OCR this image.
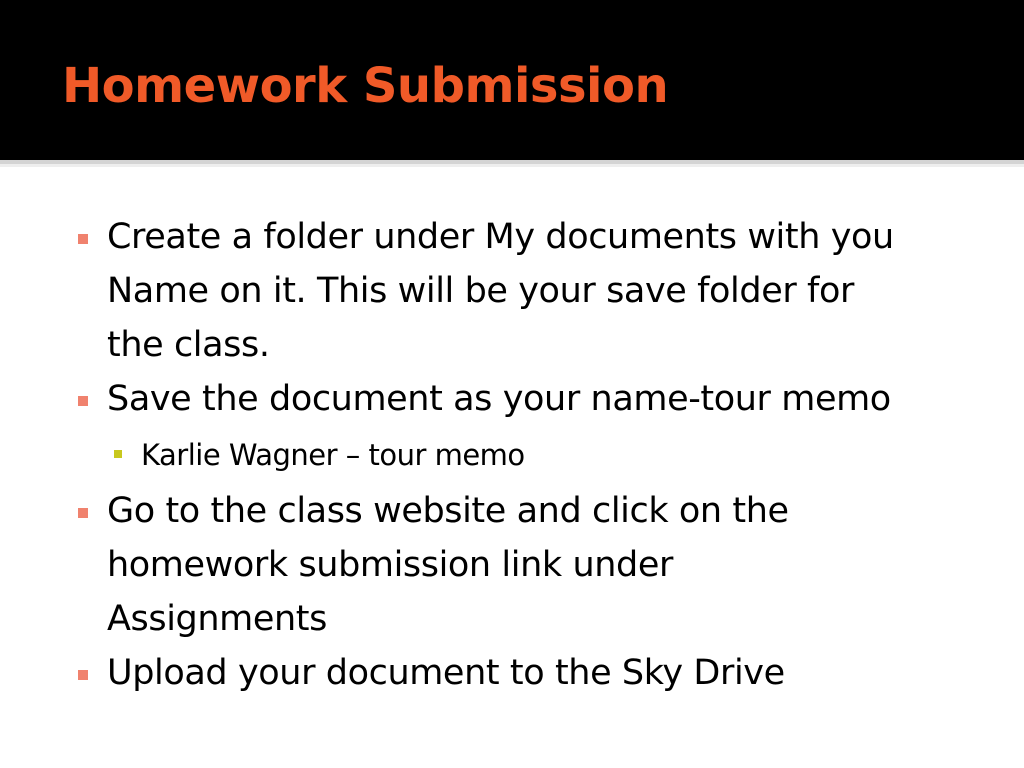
Homework Submission
Create a folder under My documents with you
Name on it. This will be your save folder for
the class.
Save the document as your name-tour memo
Karlie Wagner – tour memo
Go to the class website and click on the
homework submission link under
Assignments
Upload your document to the Sky Drive
